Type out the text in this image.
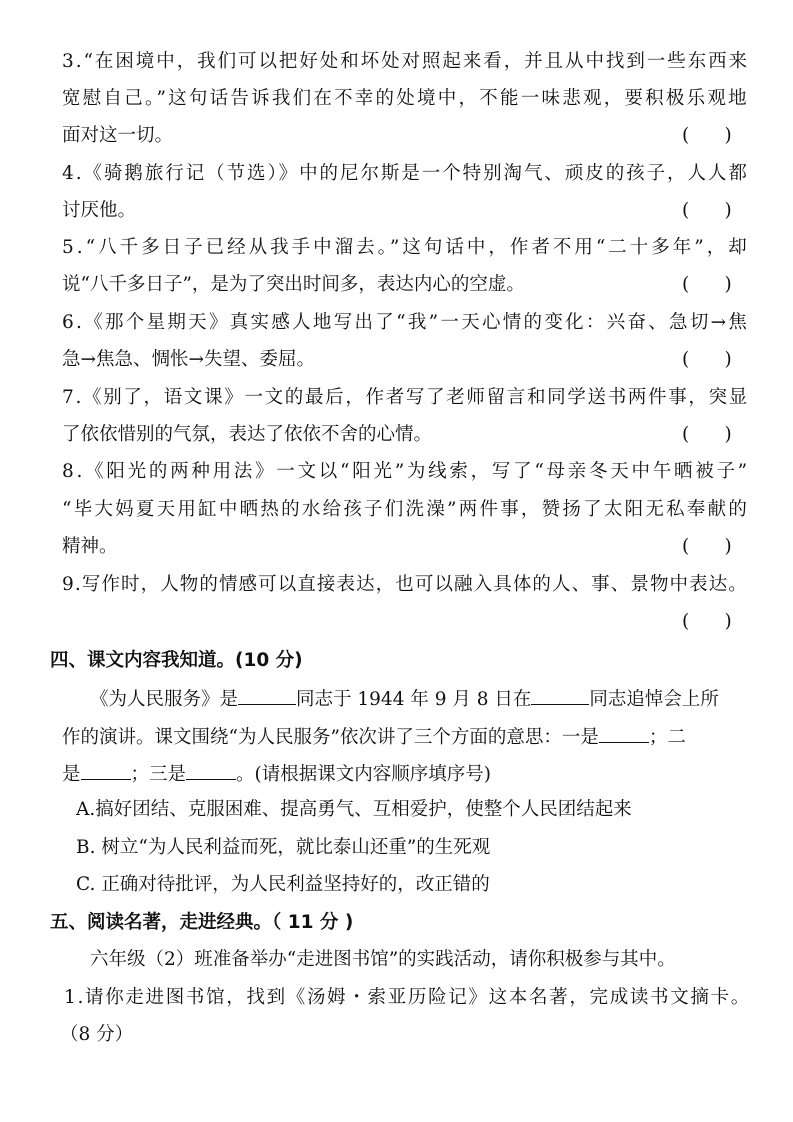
3.“在困境中，我们可以把好处和坏处对照起来看，并且从中找到一些东西来
宽慰自己。”这句话告诉我们在不幸的处境中，不能一味悲观，要积极乐观地
面对这一切。	(      )
4.《骑鹅旅行记（节选）》中的尼尔斯是一个特别淘气、顽皮的孩子，人人都
讨厌他。	(      )
5.“八千多日子已经从我手中溜去。”这句话中，作者不用“二十多年”，却
说“八千多日子”，是为了突出时间多，表达内心的空虚。	(      )
6.《那个星期天》真实感人地写出了“我”一天心情的变化：兴奋、急切→焦
急→焦急、惆怅→失望、委屈。	(      )
7.《别了，语文课》一文的最后，作者写了老师留言和同学送书两件事，突显
了依依惜别的气氛，表达了依依不舍的心情。	(      )
8.《阳光的两种用法》一文以“阳光”为线索，写了“母亲冬天中午晒被子”
“毕大妈夏天用缸中晒热的水给孩子们洗澡”两件事，赞扬了太阳无私奉献的
精神。	(      )
9.写作时，人物的情感可以直接表达，也可以融入具体的人、事、景物中表达。
(      )
四、课文内容我知道。(10 分)
《为人民服务》是	同志于 1944 年 9 月 8 日在	同志追悼会上所
作的演讲。课文围绕“为人民服务”依次讲了三个方面的意思：一是	；二
是	；三是	。(请根据课文内容顺序填序号)
A.搞好团结、克服困难、提高勇气、互相爱护，使整个人民团结起来
B. 树立“为人民利益而死，就比泰山还重”的生死观
C. 正确对待批评，为人民利益坚持好的，改正错的
五、阅读名著，走进经典。（ 11 分 )
六年级（2）班准备举办“走进图书馆”的实践活动，请你积极参与其中。
1.请你走进图书馆，找到《汤姆・索亚历险记》这本名著，完成读书文摘卡。
（8 分）
